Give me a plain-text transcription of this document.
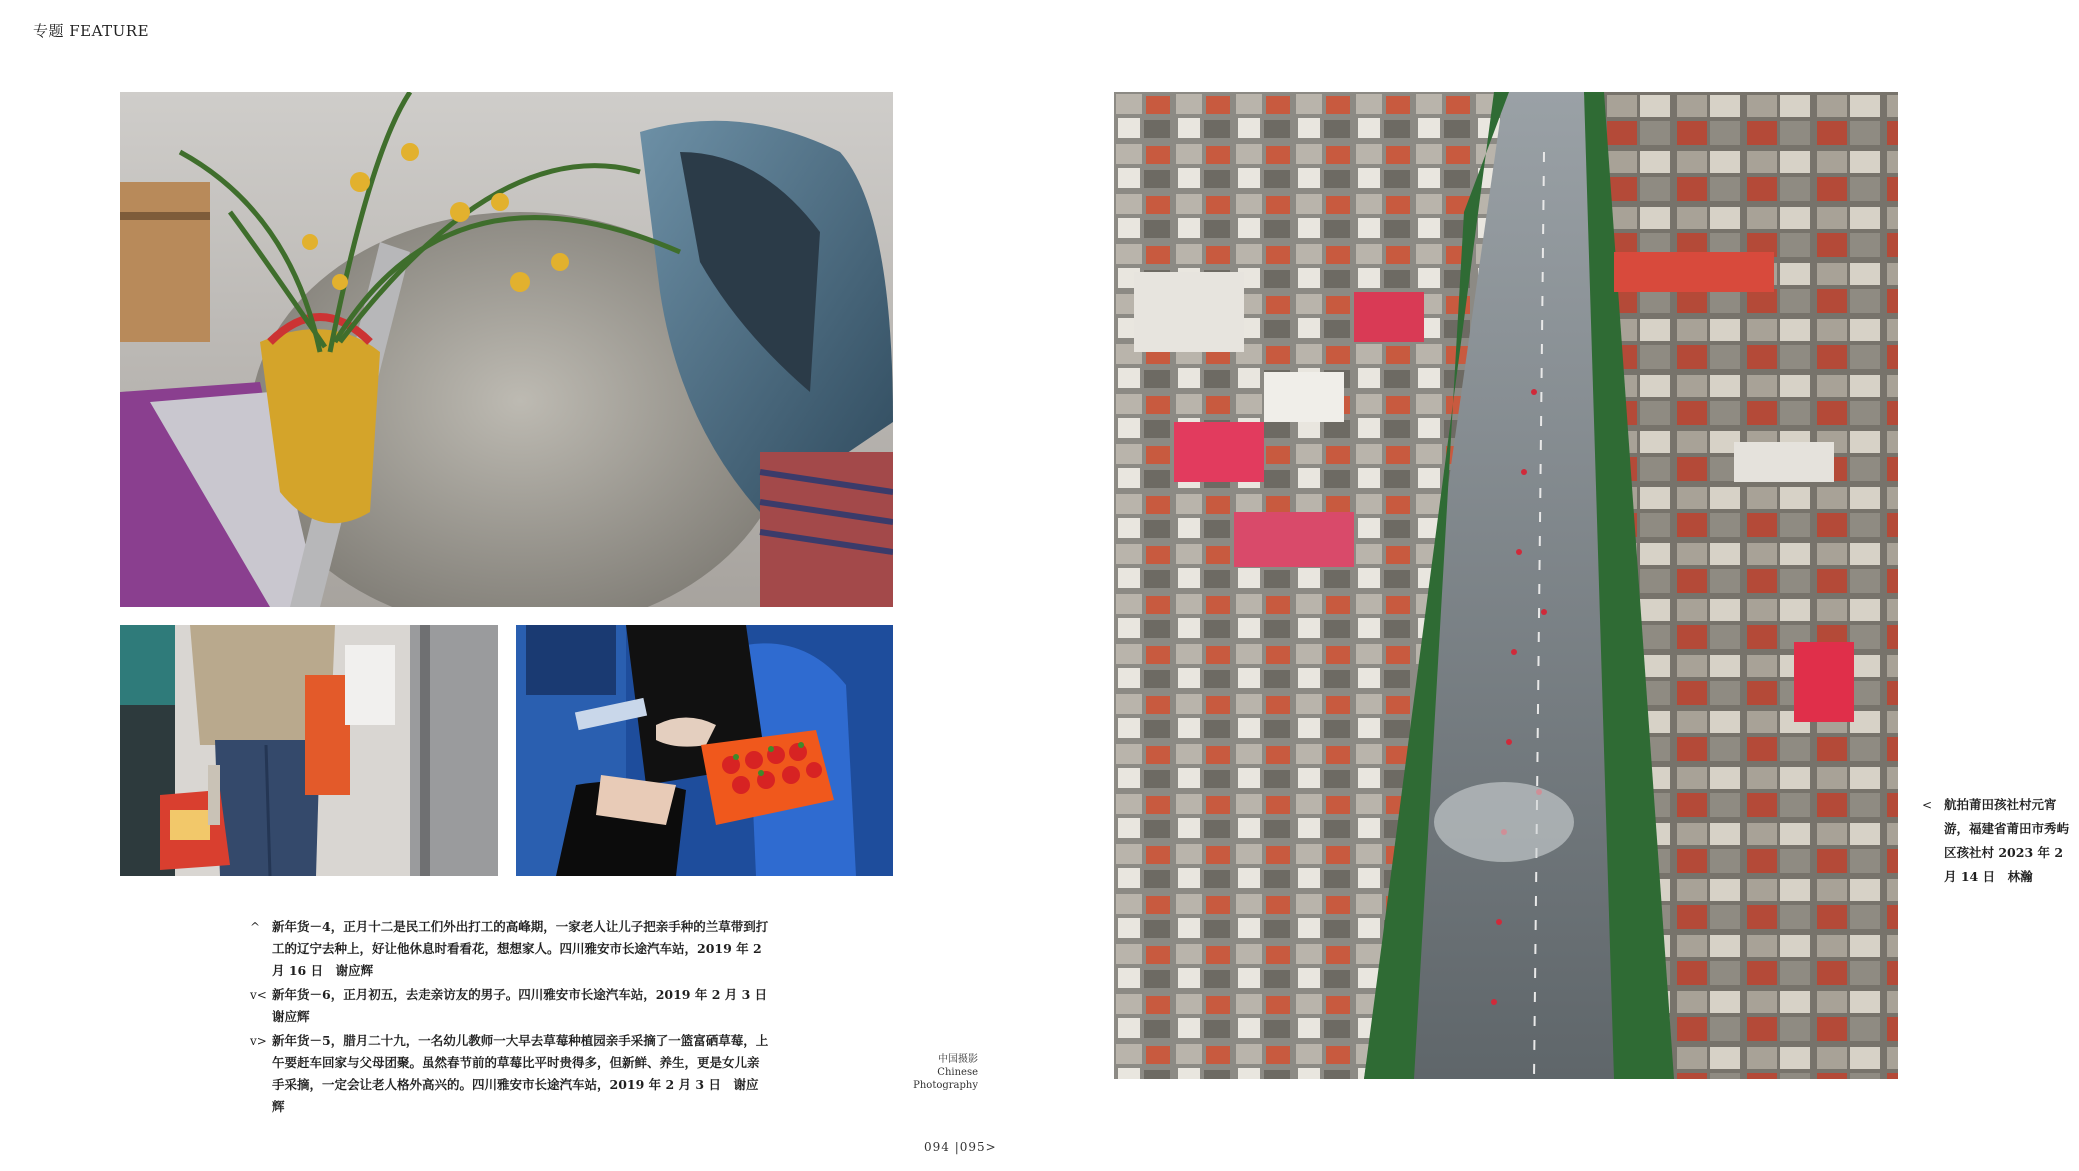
专题 FEATURE
^ 新年货－4，正月十二是民工们外出打工的高峰期，一家老人让儿子把亲手种的兰草带到打工的辽宁去种上，好让他休息时看看花，想想家人。四川雅安市长途汽车站，2019 年 2 月 16 日　谢应辉
v< 新年货－6，正月初五，去走亲访友的男子。四川雅安市长途汽车站，2019 年 2 月 3 日　谢应辉
v> 新年货－5，腊月二十九，一名幼儿教师一大早去草莓种植园亲手采摘了一篮富硒草莓，上午要赶车回家与父母团聚。虽然春节前的草莓比平时贵得多，但新鲜、养生，更是女儿亲手采摘，一定会让老人格外高兴的。四川雅安市长途汽车站，2019 年 2 月 3 日　谢应辉
< 航拍莆田孩社村元宵游，福建省莆田市秀屿区孩社村 2023 年 2 月 14 日　林瀚
中国摄影
Chinese
Photography
094 |095>
